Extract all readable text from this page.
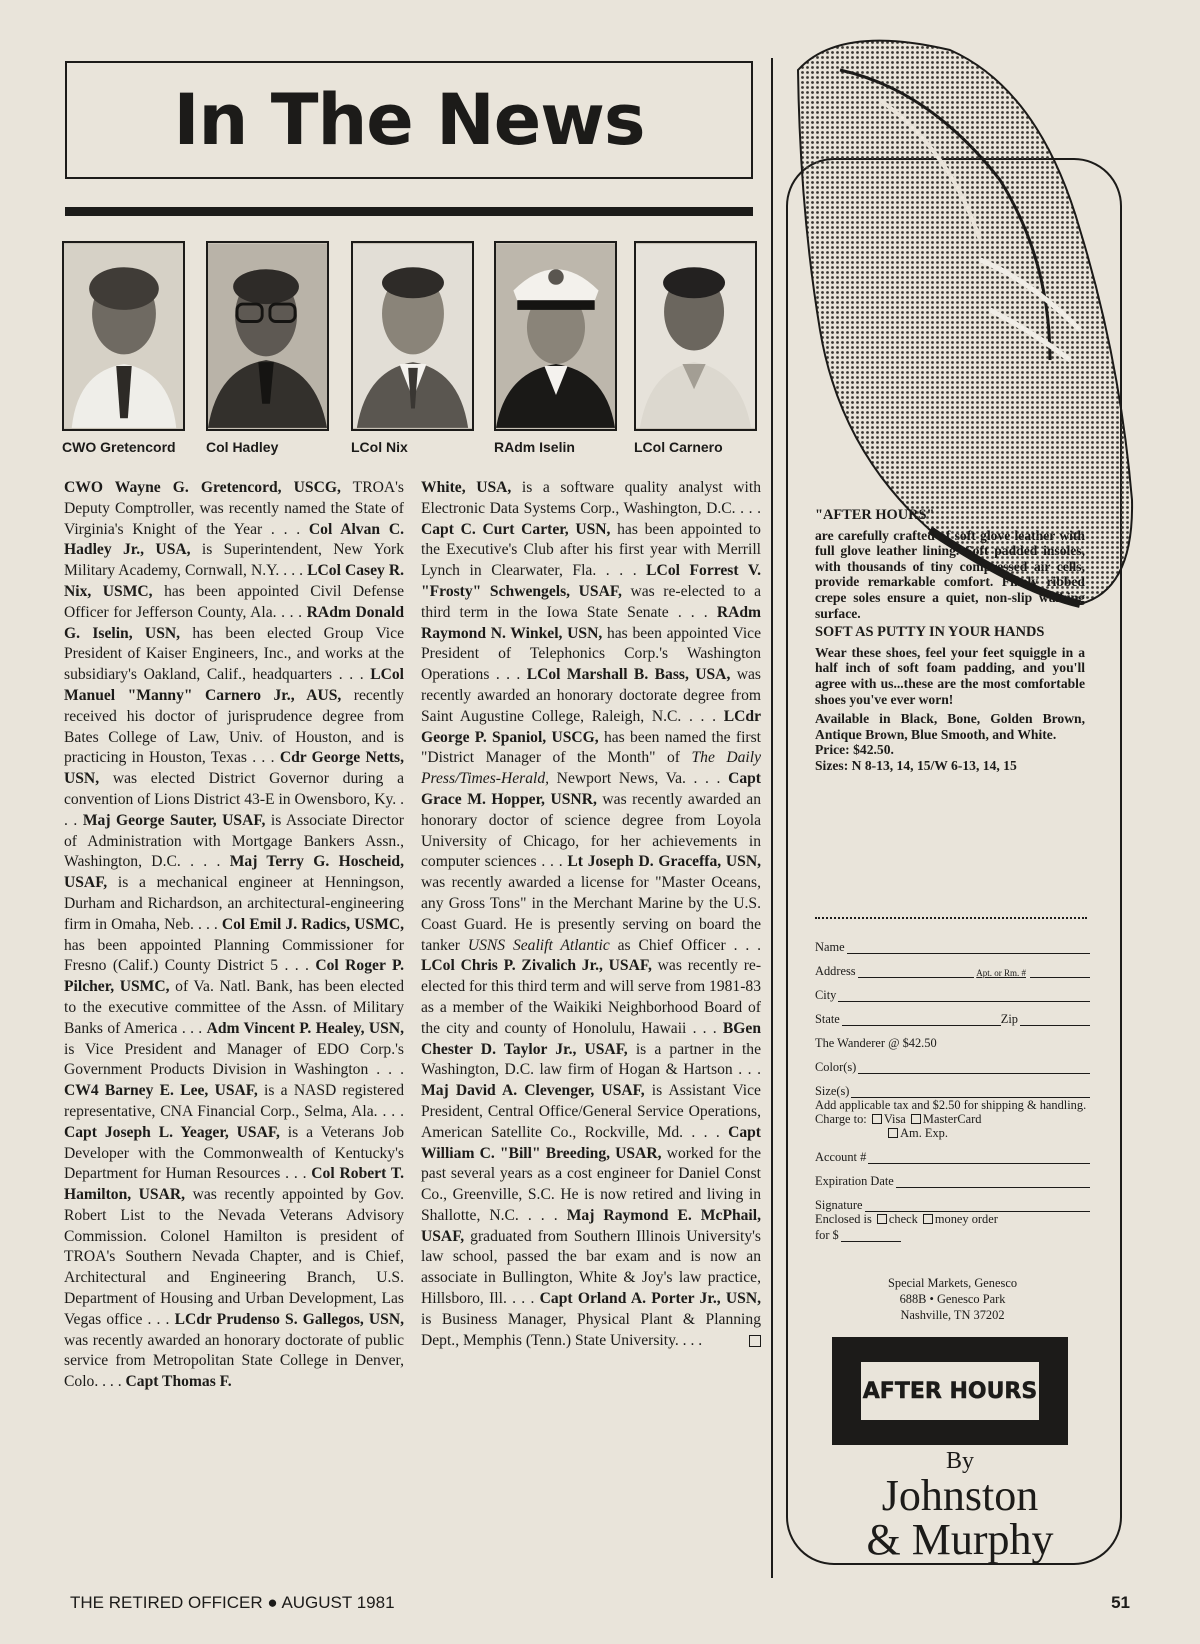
In The News
CWO Gretencord	Col Hadley	LCol Nix	RAdm Iselin	LCol Carnero

CWO Wayne G. Gretencord, USCG, TROA's Deputy Comptroller, was recently named the State of Virginia's Knight of the Year . . . Col Alvan C. Hadley Jr., USA, is Superintendent, New York Military Academy, Cornwall, N.Y. . . . LCol Casey R. Nix, USMC, has been appointed Civil Defense Officer for Jefferson County, Ala. . . . RAdm Donald G. Iselin, USN, has been elected Group Vice President of Kaiser Engineers, Inc., and works at the subsidiary's Oakland, Calif., headquarters . . . LCol Manuel "Manny" Carnero Jr., AUS, recently received his doctor of jurisprudence degree from Bates College of Law, Univ. of Houston, and is practicing in Houston, Texas . . . Cdr George Netts, USN, was elected District Governor during a convention of Lions District 43-E in Owensboro, Ky. . . . Maj George Sauter, USAF, is Associate Director of Administration with Mortgage Bankers Assn., Washington, D.C. . . . Maj Terry G. Hoscheid, USAF, is a mechanical engineer at Henningson, Durham and Richardson, an architectural-engineering firm in Omaha, Neb. . . . Col Emil J. Radics, USMC, has been appointed Planning Commissioner for Fresno (Calif.) County District 5 . . . Col Roger P. Pilcher, USMC, of Va. Natl. Bank, has been elected to the executive committee of the Assn. of Military Banks of America . . . Adm Vincent P. Healey, USN, is Vice President and Manager of EDO Corp.'s Government Products Division in Washington . . . CW4 Barney E. Lee, USAF, is a NASD registered representative, CNA Financial Corp., Selma, Ala. . . . Capt Joseph L. Yeager, USAF, is a Veterans Job Developer with the Commonwealth of Kentucky's Department for Human Resources . . . Col Robert T. Hamilton, USAR, was recently appointed by Gov. Robert List to the Nevada Veterans Advisory Commission. Colonel Hamilton is president of TROA's Southern Nevada Chapter, and is Chief, Architectural and Engineering Branch, U.S. Department of Housing and Urban Development, Las Vegas office . . . LCdr Prudenso S. Gallegos, USN, was recently awarded an honorary doctorate of public service from Metropolitan State College in Denver, Colo. . . . Capt Thomas F.

White, USA, is a software quality analyst with Electronic Data Systems Corp., Washington, D.C. . . . Capt C. Curt Carter, USN, has been appointed to the Executive's Club after his first year with Merrill Lynch in Clearwater, Fla. . . . LCol Forrest V. "Frosty" Schwengels, USAF, was re-elected to a third term in the Iowa State Senate . . . RAdm Raymond N. Winkel, USN, has been appointed Vice President of Telephonics Corp.'s Washington Operations . . . LCol Marshall B. Bass, USA, was recently awarded an honorary doctorate degree from Saint Augustine College, Raleigh, N.C. . . . LCdr George P. Spaniol, USCG, has been named the first "District Manager of the Month" of The Daily Press/Times-Herald, Newport News, Va. . . . Capt Grace M. Hopper, USNR, was recently awarded an honorary doctor of science degree from Loyola University of Chicago, for her achievements in computer sciences . . . Lt Joseph D. Graceffa, USN, was recently awarded a license for "Master Oceans, any Gross Tons" in the Merchant Marine by the U.S. Coast Guard. He is presently serving on board the tanker USNS Sealift Atlantic as Chief Officer . . . LCol Chris P. Zivalich Jr., USAF, was recently re-elected for this third term and will serve from 1981-83 as a member of the Waikiki Neighborhood Board of the city and county of Honolulu, Hawaii . . . BGen Chester D. Taylor Jr., USAF, is a partner in the Washington, D.C. law firm of Hogan & Hartson . . . Maj David A. Clevenger, USAF, is Assistant Vice President, Central Office/General Service Operations, American Satellite Co., Rockville, Md. . . . Capt William C. "Bill" Breeding, USAR, worked for the past several years as a cost engineer for Daniel Const Co., Greenville, S.C. He is now retired and living in Shallotte, N.C. . . . Maj Raymond E. McPhail, USAF, graduated from Southern Illinois University's law school, passed the bar exam and is now an associate in Bullington, White & Joy's law practice, Hillsboro, Ill. . . . Capt Orland A. Porter Jr., USN, is Business Manager, Physical Plant & Planning Dept., Memphis (Tenn.) State University. . . .

"AFTER HOURS"

are carefully crafted of soft glove leather with full glove leather lining. Soft padded insoles, with thousands of tiny compressed air cells, provide remarkable comfort. Finely ribbed crepe soles ensure a quiet, non-slip walking surface.

SOFT AS PUTTY IN YOUR HANDS

Wear these shoes, feel your feet squiggle in a half inch of soft foam padding, and you'll agree with us...these are the most comfortable shoes you've ever worn!

Available in Black, Bone, Golden Brown, Antique Brown, Blue Smooth, and White.

Price: $42.50.

Sizes: N 8-13, 14, 15/W 6-13, 14, 15

Name
Address	Apt. or Rm. #
City
State	Zip
The Wanderer @ $42.50
Color(s)
Size(s)
Add applicable tax and $2.50 for shipping & handling.
Charge to: Visa MasterCard
Am. Exp.
Account #
Expiration Date
Signature
Enclosed is check money order
for $
Special Markets, Genesco
688B • Genesco Park
Nashville, TN 37202
AFTER HOURS
By
Johnston
& Murphy
THE RETIRED OFFICER ● AUGUST 1981	51
